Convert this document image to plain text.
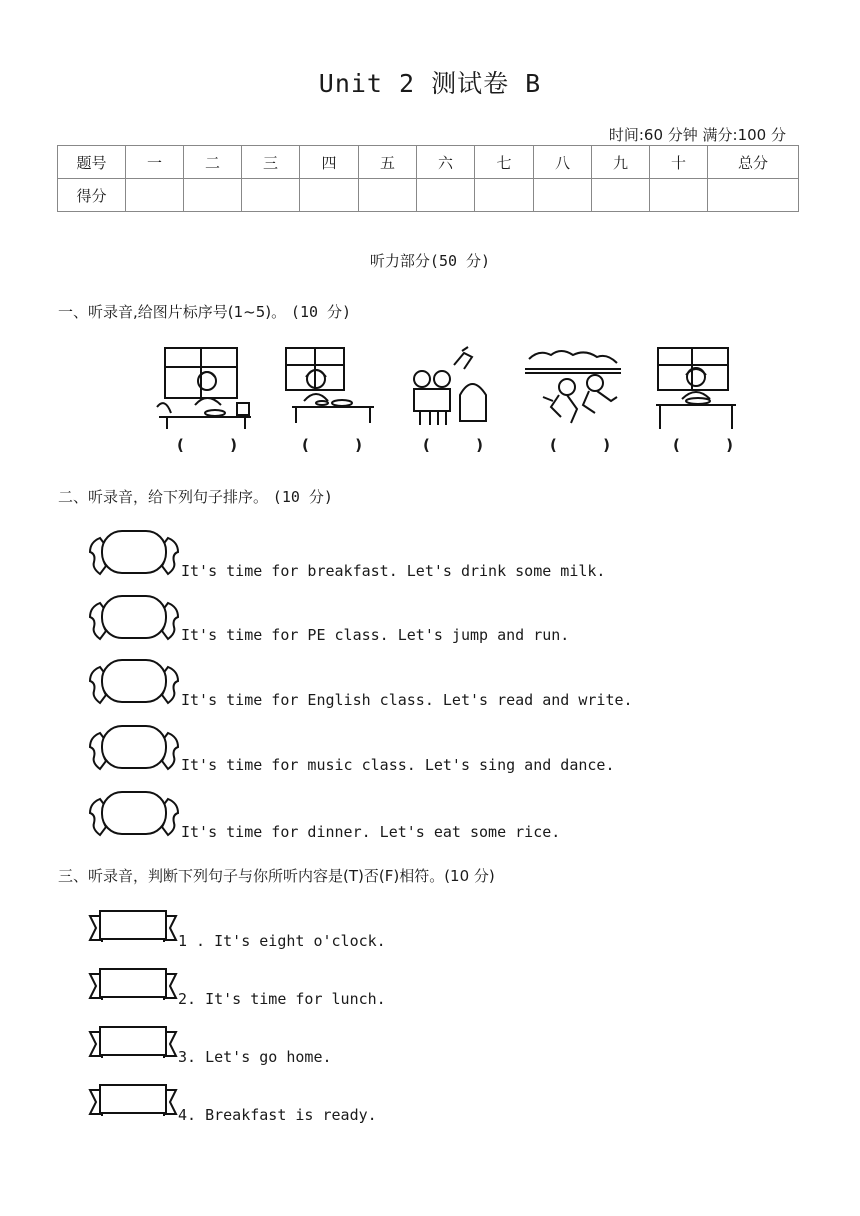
Unit 2 测试卷 B
时间:60 分钟 满分:100 分
题号	一	二	三	四	五	六	七	八	九	十	总分
得分											
听力部分(50 分)
一、听录音,给图片标序号(1~5)。 (10 分)
(	)	(	)	(	)	(	)	(	)
二、听录音，给下列句子排序。 (10 分)
It's time for breakfast. Let's drink some milk.
It's time for PE class. Let's jump and run.
It's time for English class. Let's read and write.
It's time for music class. Let's sing and dance.
It's time for dinner. Let's eat some rice.
三、听录音，判断下列句子与你所听内容是(T)否(F)相符。(10 分)
1 . It's eight o'clock.
2. It's time for lunch.
3. Let's go home.
4. Breakfast is ready.
